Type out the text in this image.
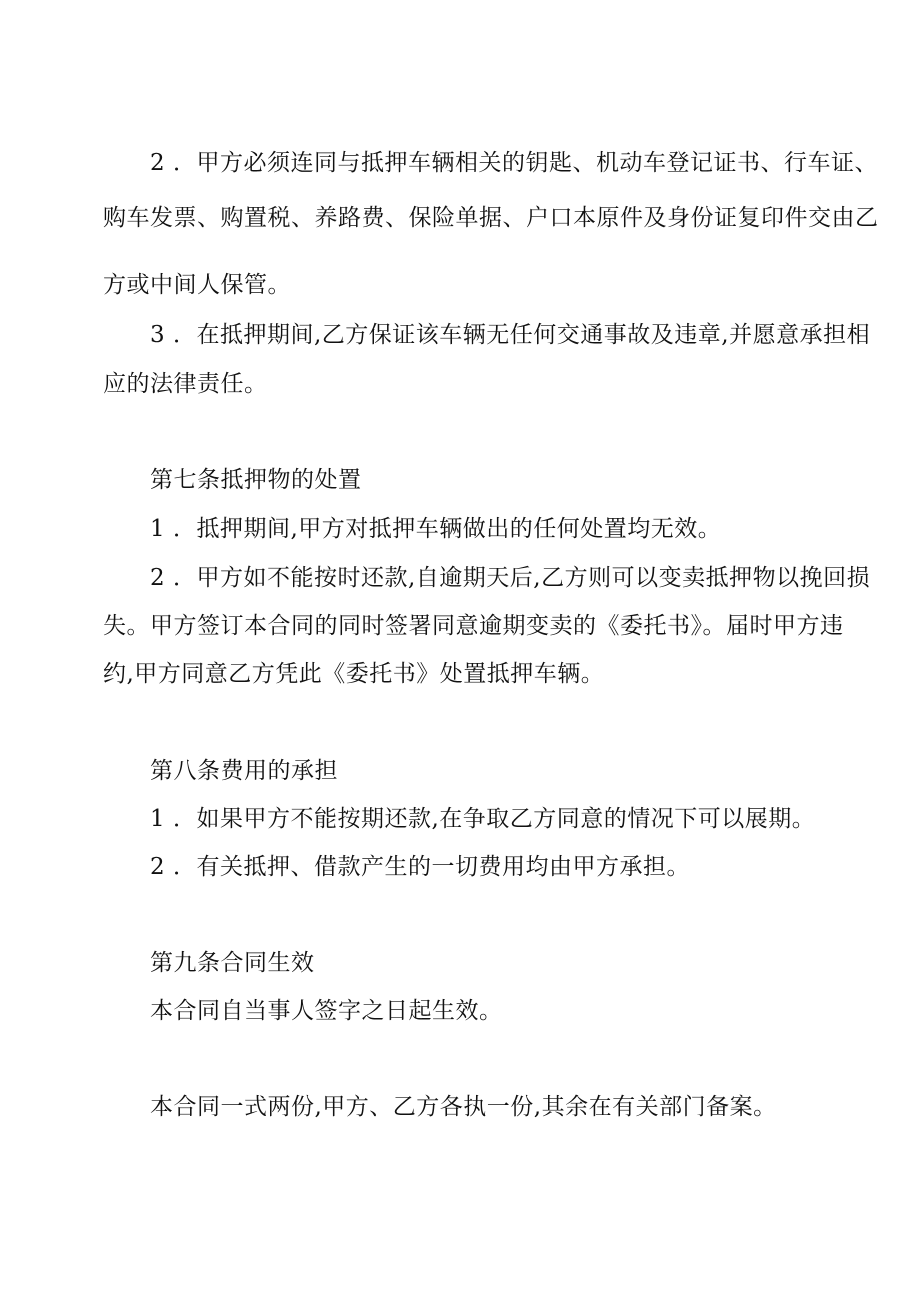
2 ．甲方必须连同与抵押车辆相关的钥匙、机动车登记证书、行车证、
购车发票、购置税、养路费、保险单据、户口本原件及身份证复印件交由乙
方或中间人保管。
3 ．在抵押期间,乙方保证该车辆无任何交通事故及违章,并愿意承担相
应的法律责任。
第七条抵押物的处置
1 ．抵押期间,甲方对抵押车辆做出的任何处置均无效。
2 ．甲方如不能按时还款,自逾期天后,乙方则可以变卖抵押物以挽回损
失。甲方签订本合同的同时签署同意逾期变卖的《委托书》。届时甲方违
约,甲方同意乙方凭此《委托书》处置抵押车辆。
第八条费用的承担
1 ．如果甲方不能按期还款,在争取乙方同意的情况下可以展期。
2 ．有关抵押、借款产生的一切费用均由甲方承担。
第九条合同生效
本合同自当事人签字之日起生效。
本合同一式两份,甲方、乙方各执一份,其余在有关部门备案。
